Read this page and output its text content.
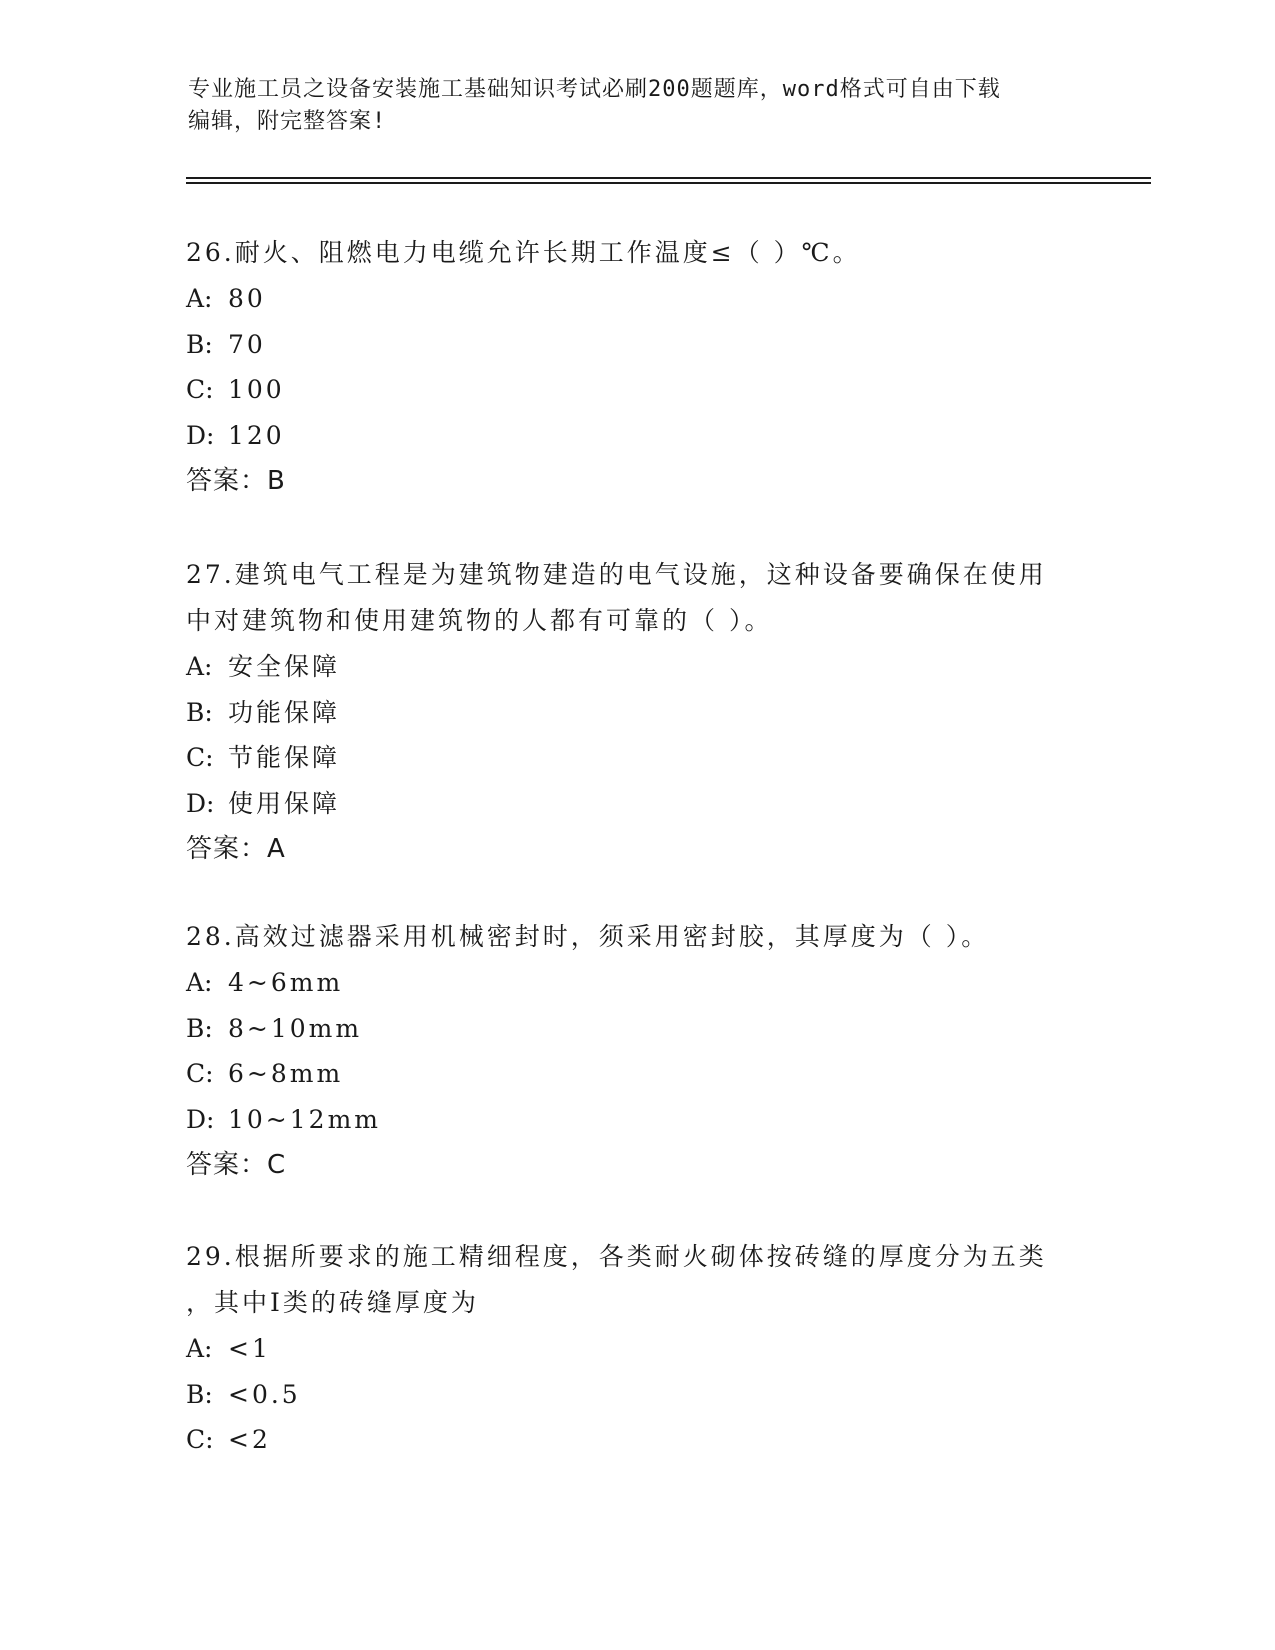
专业施工员之设备安装施工基础知识考试必刷200题题库，word格式可自由下载
编辑，附完整答案!
26.耐火、阻燃电力电缆允许长期工作温度≤（ ）℃。
A: 80
B: 70
C: 100
D: 120
答案：B
27.建筑电气工程是为建筑物建造的电气设施，这种设备要确保在使用
中对建筑物和使用建筑物的人都有可靠的（ ）。
A: 安全保障
B: 功能保障
C: 节能保障
D: 使用保障
答案：A
28.高效过滤器采用机械密封时，须采用密封胶，其厚度为（ ）。
A: 4~6mm
B: 8~10mm
C: 6~8mm
D: 10~12mm
答案：C
29.根据所要求的施工精细程度，各类耐火砌体按砖缝的厚度分为五类
，其中Ⅰ类的砖缝厚度为
A: <1
B: <0.5
C: <2
